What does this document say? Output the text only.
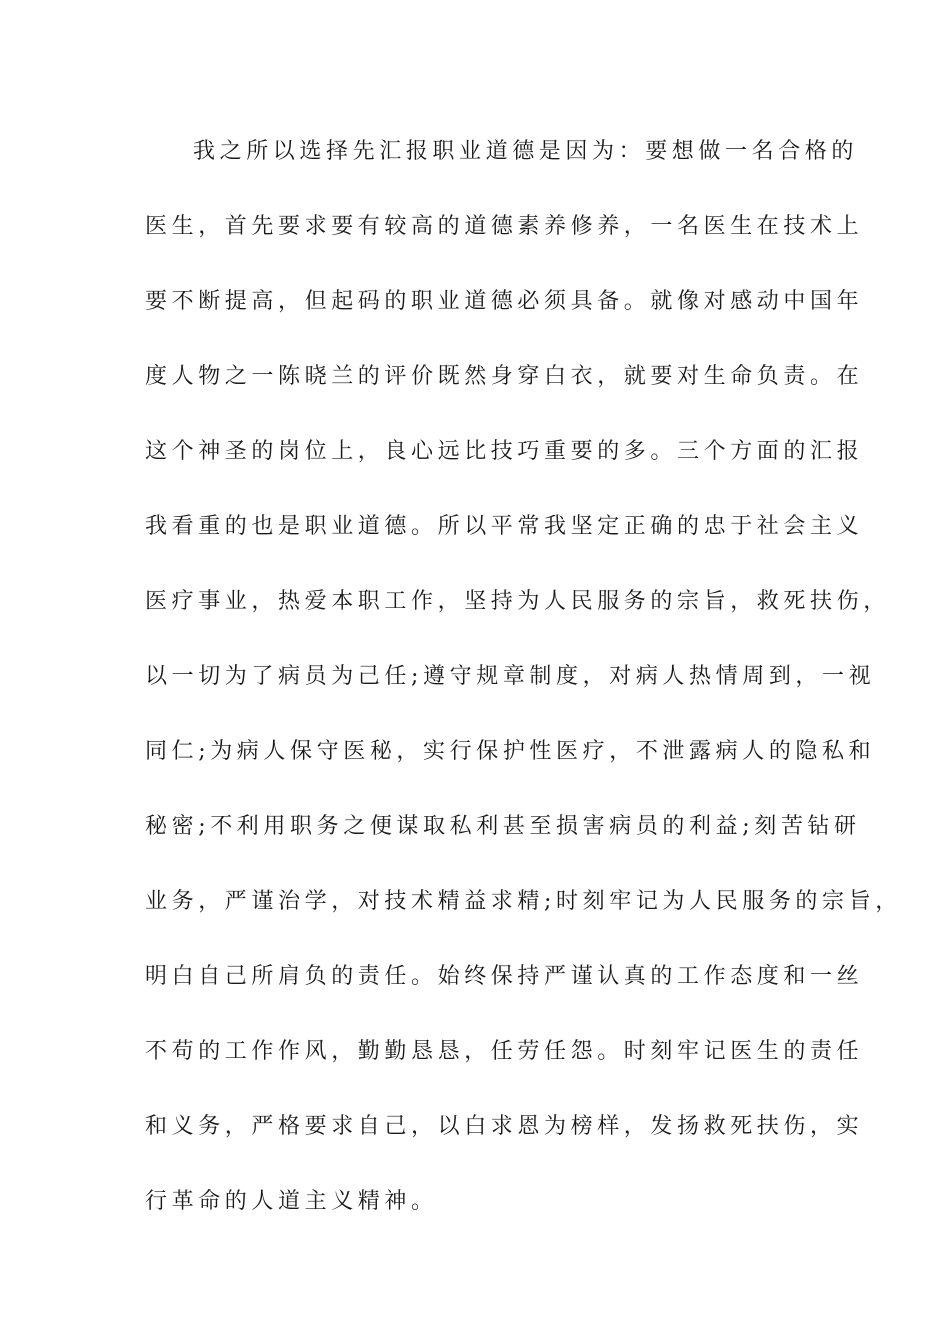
我之所以选择先汇报职业道德是因为：要想做一名合格的
医生，首先要求要有较高的道德素养修养，一名医生在技术上
要不断提高，但起码的职业道德必须具备。就像对感动中国年
度人物之一陈晓兰的评价既然身穿白衣，就要对生命负责。在
这个神圣的岗位上，良心远比技巧重要的多。三个方面的汇报
我看重的也是职业道德。所以平常我坚定正确的忠于社会主义
医疗事业，热爱本职工作，坚持为人民服务的宗旨，救死扶伤，
以一切为了病员为己任;遵守规章制度，对病人热情周到，一视
同仁;为病人保守医秘，实行保护性医疗，不泄露病人的隐私和
秘密;不利用职务之便谋取私利甚至损害病员的利益;刻苦钻研
业务，严谨治学，对技术精益求精;时刻牢记为人民服务的宗旨，
明白自己所肩负的责任。始终保持严谨认真的工作态度和一丝
不苟的工作作风，勤勤恳恳，任劳任怨。时刻牢记医生的责任
和义务，严格要求自己，以白求恩为榜样，发扬救死扶伤，实
行革命的人道主义精神。
